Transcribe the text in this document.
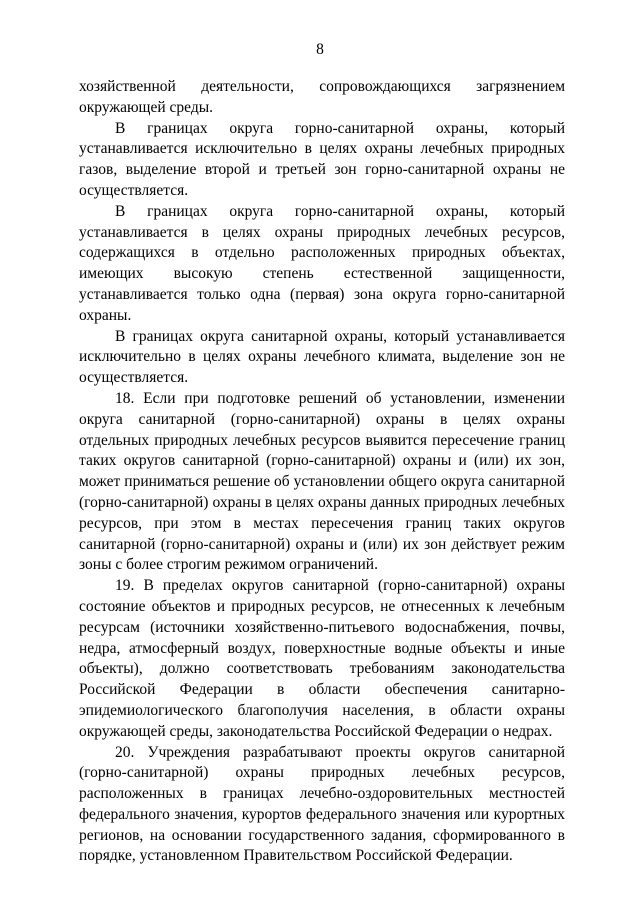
8

хозяйственной деятельности, сопровождающихся загрязнением окружающей среды.

В границах округа горно-санитарной охраны, который устанавливается исключительно в целях охраны лечебных природных газов, выделение второй и третьей зон горно-санитарной охраны не осуществляется.

В границах округа горно-санитарной охраны, который устанавливается в целях охраны природных лечебных ресурсов, содержащихся в отдельно расположенных природных объектах, имеющих высокую степень естественной защищенности, устанавливается только одна (первая) зона округа горно-санитарной охраны.

В границах округа санитарной охраны, который устанавливается исключительно в целях охраны лечебного климата, выделение зон не осуществляется.

18. Если при подготовке решений об установлении, изменении округа санитарной (горно-санитарной) охраны в целях охраны отдельных природных лечебных ресурсов выявится пересечение границ таких округов санитарной (горно-санитарной) охраны и (или) их зон, может приниматься решение об установлении общего округа санитарной (горно-санитарной) охраны в целях охраны данных природных лечебных ресурсов, при этом в местах пересечения границ таких округов санитарной (горно-санитарной) охраны и (или) их зон действует режим зоны с более строгим режимом ограничений.

19. В пределах округов санитарной (горно-санитарной) охраны состояние объектов и природных ресурсов, не отнесенных к лечебным ресурсам (источники хозяйственно-питьевого водоснабжения, почвы, недра, атмосферный воздух, поверхностные водные объекты и иные объекты), должно соответствовать требованиям законодательства Российской Федерации в области обеспечения санитарно-эпидемиологического благополучия населения, в области охраны окружающей среды, законодательства Российской Федерации о недрах.

20. Учреждения разрабатывают проекты округов санитарной (горно-санитарной) охраны природных лечебных ресурсов, расположенных в границах лечебно-оздоровительных местностей федерального значения, курортов федерального значения или курортных регионов, на основании государственного задания, сформированного в порядке, установленном Правительством Российской Федерации.
